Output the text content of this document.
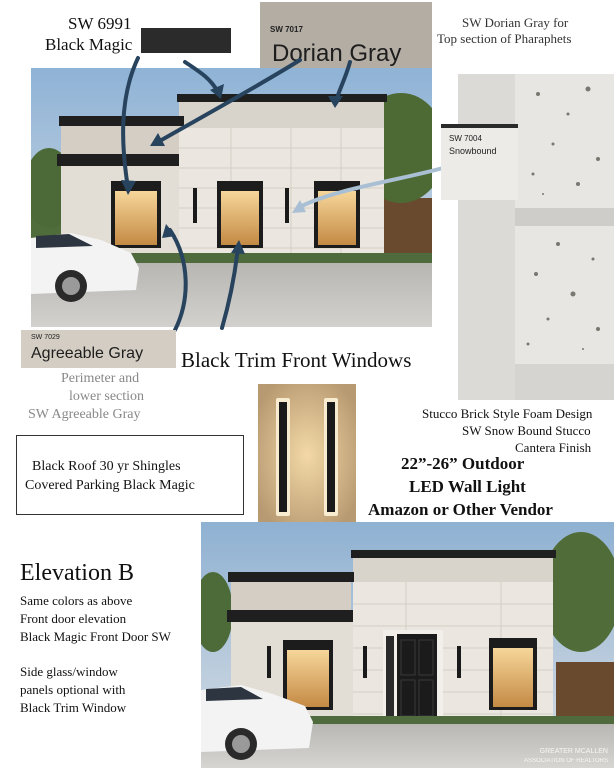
SW 6991
Black Magic
SW 7017
Dorian Gray
SW Dorian Gray for
Top section of Pharaphets
SW 7004
Snowbound
SW 7029
Agreeable Gray Black Trim Front Windows
Perimeter and
lower section
SW Agreeable Gray	Stucco Brick Style Foam Design
SW Snow Bound Stucco
Cantera Finish
Black Roof 30 yr Shingles
Covered Parking Black Magic
22”-26” Outdoor
LED Wall Light
Amazon or Other Vendor
Elevation B
Same colors as above
Front door elevation
Black Magic Front Door SW
Side glass/window
panels optional with
Black Trim Window
GREATER MCALLEN
ASSOCIATION OF REALTORS
